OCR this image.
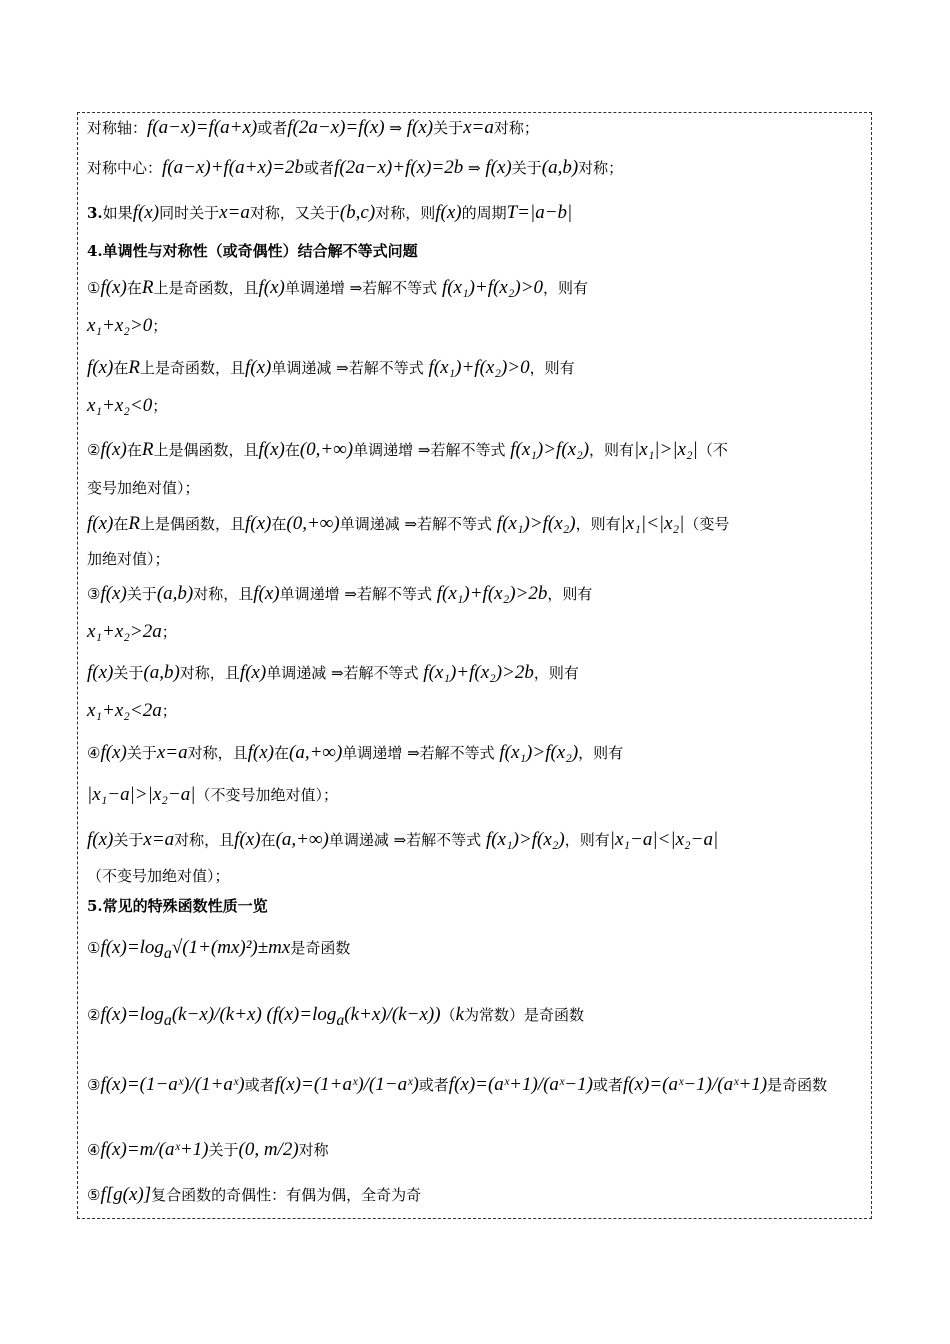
对称轴：f(a−x)=f(a+x)或者f(2a−x)=f(x) ⇒ f(x)关于x=a对称；
对称中心：f(a−x)+f(a+x)=2b或者f(2a−x)+f(x)=2b ⇒ f(x)关于(a,b)对称；
3.如果f(x)同时关于x=a对称，又关于(b,c)对称，则f(x)的周期T=|a−b|
4.单调性与对称性（或奇偶性）结合解不等式问题
①f(x)在R上是奇函数，且f(x)单调递增 ⇒若解不等式 f(x₁)+f(x₂)>0，则有
x₁+x₂>0；
f(x)在R上是奇函数，且f(x)单调递减 ⇒若解不等式 f(x₁)+f(x₂)>0，则有
x₁+x₂<0；
②f(x)在R上是偶函数，且f(x)在(0,+∞)单调递增 ⇒若解不等式 f(x₁)>f(x₂)，则有|x₁|>|x₂|（不
变号加绝对值）；
f(x)在R上是偶函数，且f(x)在(0,+∞)单调递减 ⇒若解不等式 f(x₁)>f(x₂)，则有|x₁|<|x₂|（变号
加绝对值）；
③f(x)关于(a,b)对称，且f(x)单调递增 ⇒若解不等式 f(x₁)+f(x₂)>2b，则有
x₁+x₂>2a；
f(x)关于(a,b)对称，且f(x)单调递减 ⇒若解不等式 f(x₁)+f(x₂)>2b，则有
x₁+x₂<2a；
④f(x)关于x=a对称，且f(x)在(a,+∞)单调递增 ⇒若解不等式 f(x₁)>f(x₂)，则有
|x₁−a|>|x₂−a|（不变号加绝对值）；
f(x)关于x=a对称，且f(x)在(a,+∞)单调递减 ⇒若解不等式 f(x₁)>f(x₂)，则有|x₁−a|<|x₂−a|
（不变号加绝对值）；
5.常见的特殊函数性质一览
$①f(x)=\log_a√(1+(mx)^2)\pm mx$是奇函数
$②f(x)=\log_a(k-x)/(k+x)$ $(f(x)=\log_a(k+x)/(k-x))(k$为常数）是奇函数
③f(x)=(1−aˣ)/(1+aˣ)或者f(x)=(1+aˣ)/(1−aˣ)或者f(x)=(aˣ+1)/(aˣ−1)或者f(x)=(aˣ−1)/(aˣ+1)是奇函数
④f(x)=m/(aˣ+1)关于(0, m/2)对称
⑤f[g(x)]复合函数的奇偶性：有偶为偶，全奇为奇
